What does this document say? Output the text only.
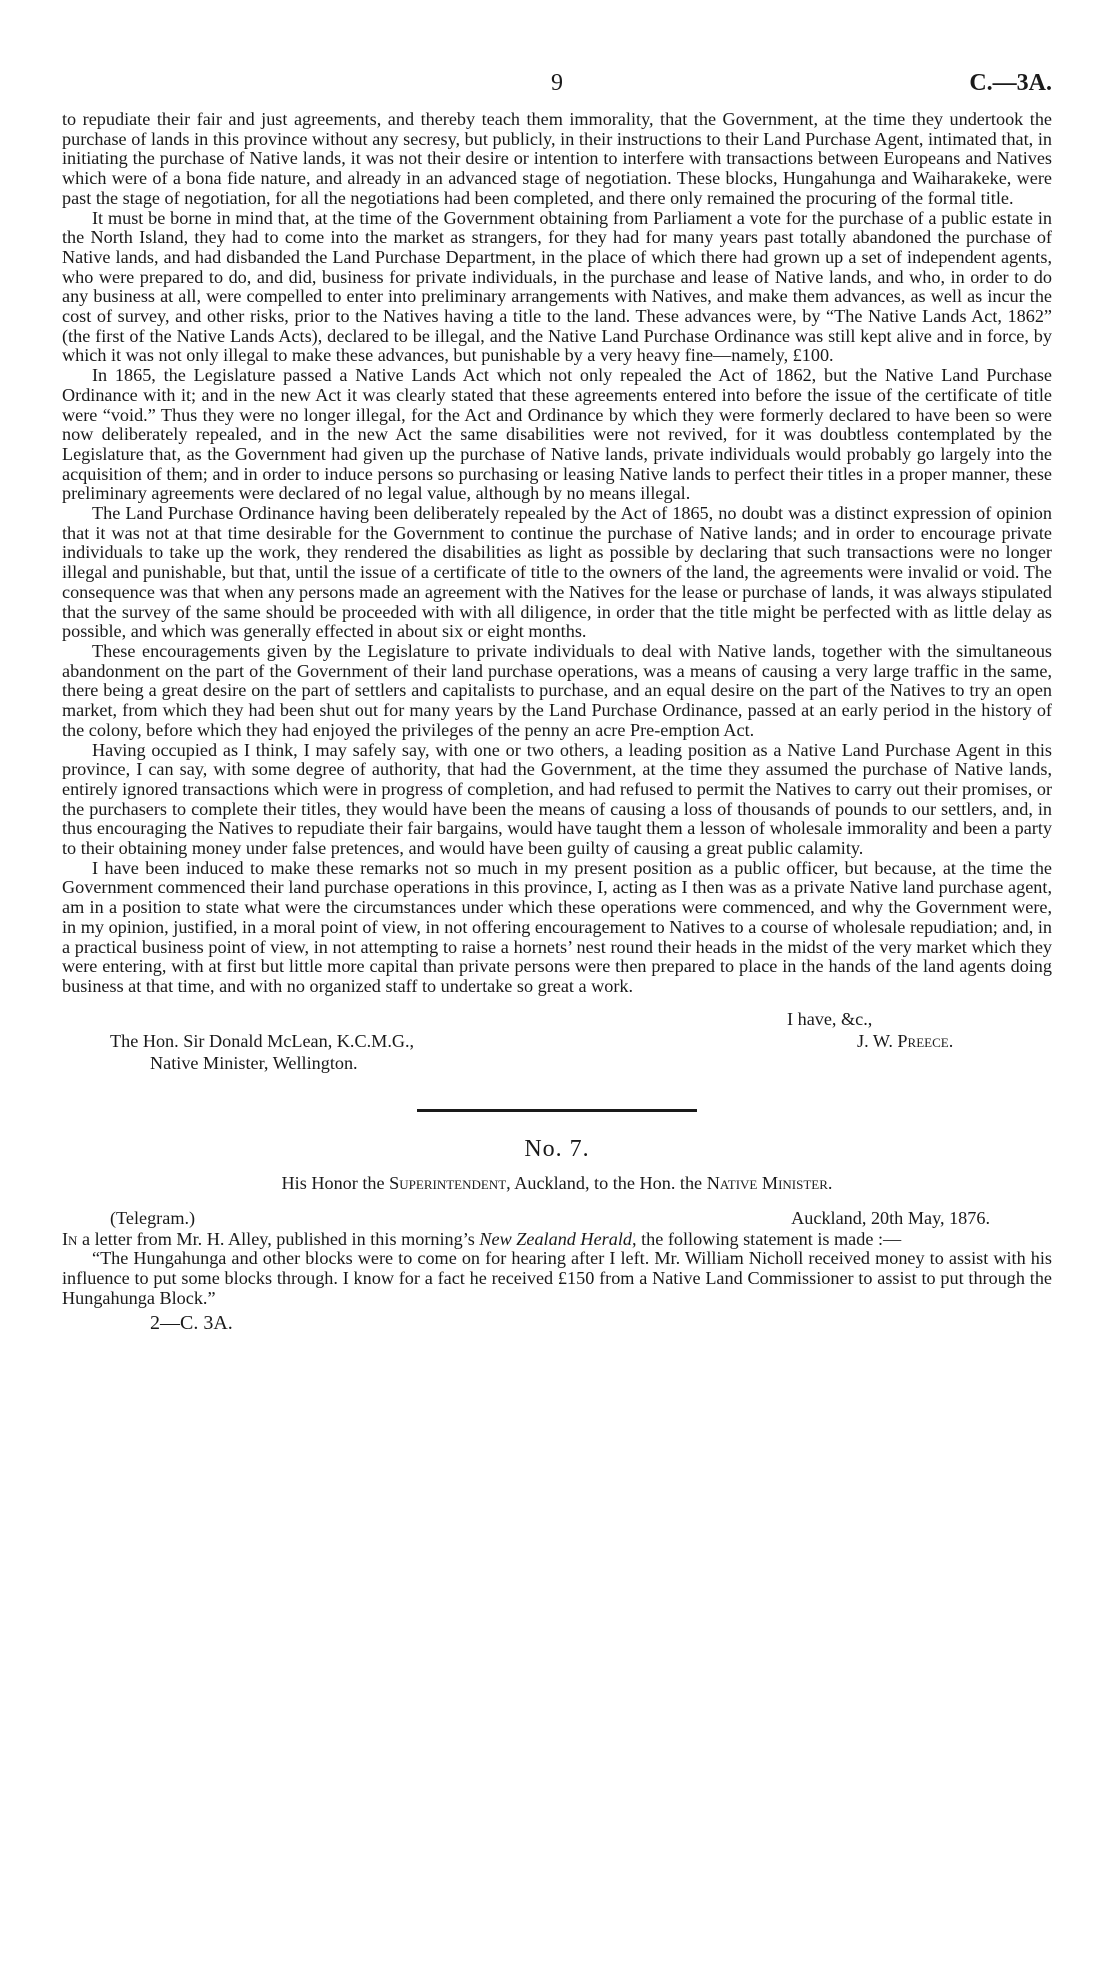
9	C.—3A.

to repudiate their fair and just agreements, and thereby teach them immorality, that the Government, at the time they undertook the purchase of lands in this province without any secresy, but publicly, in their instructions to their Land Purchase Agent, intimated that, in initiating the purchase of Native lands, it was not their desire or intention to interfere with transactions between Europeans and Natives which were of a bona fide nature, and already in an advanced stage of negotiation. These blocks, Hungahunga and Waiharakeke, were past the stage of negotiation, for all the negotiations had been completed, and there only remained the procuring of the formal title.

It must be borne in mind that, at the time of the Government obtaining from Parliament a vote for the purchase of a public estate in the North Island, they had to come into the market as strangers, for they had for many years past totally abandoned the purchase of Native lands, and had disbanded the Land Purchase Department, in the place of which there had grown up a set of independent agents, who were prepared to do, and did, business for private individuals, in the purchase and lease of Native lands, and who, in order to do any business at all, were compelled to enter into preliminary arrangements with Natives, and make them advances, as well as incur the cost of survey, and other risks, prior to the Natives having a title to the land. These advances were, by “The Native Lands Act, 1862” (the first of the Native Lands Acts), declared to be illegal, and the Native Land Purchase Ordinance was still kept alive and in force, by which it was not only illegal to make these advances, but punishable by a very heavy fine—namely, £100.

In 1865, the Legislature passed a Native Lands Act which not only repealed the Act of 1862, but the Native Land Purchase Ordinance with it; and in the new Act it was clearly stated that these agreements entered into before the issue of the certificate of title were “void.” Thus they were no longer illegal, for the Act and Ordinance by which they were formerly declared to have been so were now deliberately repealed, and in the new Act the same disabilities were not revived, for it was doubtless contemplated by the Legislature that, as the Government had given up the purchase of Native lands, private individuals would probably go largely into the acquisition of them; and in order to induce persons so purchasing or leasing Native lands to perfect their titles in a proper manner, these preliminary agreements were declared of no legal value, although by no means illegal.

The Land Purchase Ordinance having been deliberately repealed by the Act of 1865, no doubt was a distinct expression of opinion that it was not at that time desirable for the Government to continue the purchase of Native lands; and in order to encourage private individuals to take up the work, they rendered the disabilities as light as possible by declaring that such transactions were no longer illegal and punishable, but that, until the issue of a certificate of title to the owners of the land, the agreements were invalid or void. The consequence was that when any persons made an agreement with the Natives for the lease or purchase of lands, it was always stipulated that the survey of the same should be proceeded with with all diligence, in order that the title might be perfected with as little delay as possible, and which was generally effected in about six or eight months.

These encouragements given by the Legislature to private individuals to deal with Native lands, together with the simultaneous abandonment on the part of the Government of their land purchase operations, was a means of causing a very large traffic in the same, there being a great desire on the part of settlers and capitalists to purchase, and an equal desire on the part of the Natives to try an open market, from which they had been shut out for many years by the Land Purchase Ordinance, passed at an early period in the history of the colony, before which they had enjoyed the privileges of the penny an acre Pre-emption Act.

Having occupied as I think, I may safely say, with one or two others, a leading position as a Native Land Purchase Agent in this province, I can say, with some degree of authority, that had the Government, at the time they assumed the purchase of Native lands, entirely ignored transactions which were in progress of completion, and had refused to permit the Natives to carry out their promises, or the purchasers to complete their titles, they would have been the means of causing a loss of thousands of pounds to our settlers, and, in thus encouraging the Natives to repudiate their fair bargains, would have taught them a lesson of wholesale immorality and been a party to their obtaining money under false pretences, and would have been guilty of causing a great public calamity.

I have been induced to make these remarks not so much in my present position as a public officer, but because, at the time the Government commenced their land purchase operations in this province, I, acting as I then was as a private Native land purchase agent, am in a position to state what were the circumstances under which these operations were commenced, and why the Government were, in my opinion, justified, in a moral point of view, in not offering encouragement to Natives to a course of wholesale repudiation; and, in a practical business point of view, in not attempting to raise a hornets’ nest round their heads in the midst of the very market which they were entering, with at first but little more capital than private persons were then prepared to place in the hands of the land agents doing business at that time, and with no organized staff to undertake so great a work.

I have, &c.,
J. W. Preece.
The Hon. Sir Donald McLean, K.C.M.G.,
Native Minister, Wellington.
No. 7.
His Honor the Superintendent, Auckland, to the Hon. the Native Minister.
(Telegram.)	Auckland, 20th May, 1876.

In a letter from Mr. H. Alley, published in this morning’s New Zealand Herald, the following statement is made :—

“The Hungahunga and other blocks were to come on for hearing after I left. Mr. William Nicholl received money to assist with his influence to put some blocks through. I know for a fact he received £150 from a Native Land Commissioner to assist to put through the Hungahunga Block.”

2—C. 3A.
